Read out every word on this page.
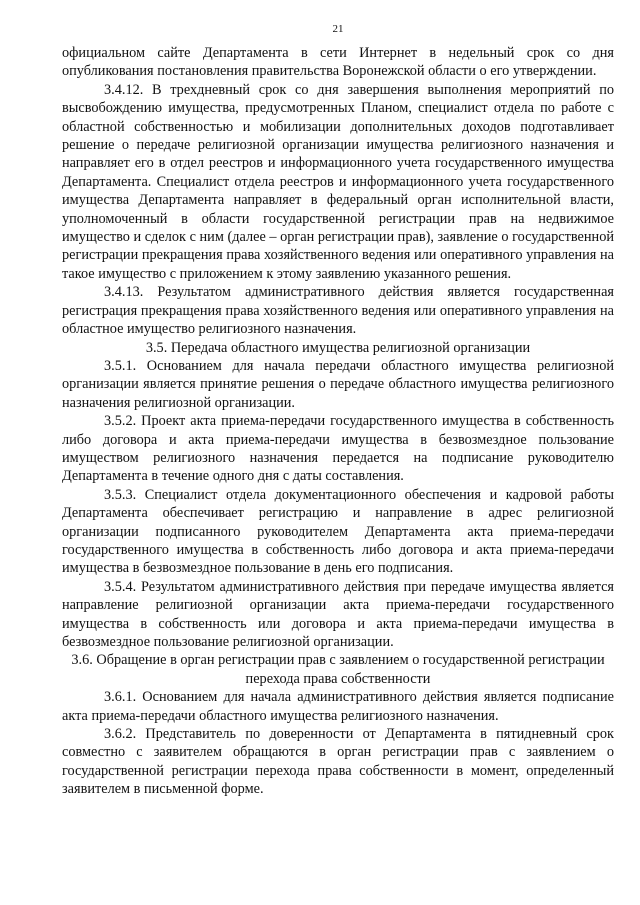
21

официальном сайте Департамента в сети Интернет в недельный срок со дня опубликования постановления правительства Воронежской области о его утверждении.

3.4.12. В трехдневный срок со дня завершения выполнения мероприятий по высвобождению имущества, предусмотренных Планом, специалист отдела по работе с областной собственностью и мобилизации дополнительных доходов подготавливает решение о передаче религиозной организации имущества религиозного назначения и направляет его в отдел реестров и информационного учета государственного имущества Департамента. Специалист отдела реестров и информационного учета государственного имущества Департамента направляет в федеральный орган исполнительной власти, уполномоченный в области государственной регистрации прав на недвижимое имущество и сделок с ним (далее – орган регистрации прав), заявление о государственной регистрации прекращения права хозяйственного ведения или оперативного управления на такое имущество с приложением к этому заявлению указанного решения.

3.4.13. Результатом административного действия является государственная регистрация прекращения права хозяйственного ведения или оперативного управления на областное имущество религиозного назначения.

3.5. Передача областного имущества религиозной организации

3.5.1. Основанием для начала передачи областного имущества религиозной организации является принятие решения о передаче областного имущества религиозного назначения религиозной организации.

3.5.2. Проект акта приема-передачи государственного имущества в собственность либо договора и акта приема-передачи имущества в безвозмездное пользование имуществом религиозного назначения передается на подписание руководителю Департамента в течение одного дня с даты составления.

3.5.3. Специалист отдела документационного обеспечения и кадровой работы Департамента обеспечивает регистрацию и направление в адрес религиозной организации подписанного руководителем Департамента акта приема-передачи государственного имущества в собственность либо договора и акта приема-передачи имущества в безвозмездное пользование в день его подписания.

3.5.4. Результатом административного действия при передаче имущества является направление религиозной организации акта приема-передачи государственного имущества в собственность или договора и акта приема-передачи имущества в безвозмездное пользование религиозной организации.

3.6. Обращение в орган регистрации прав с заявлением о государственной регистрации перехода права собственности

3.6.1. Основанием для начала административного действия является подписание акта приема-передачи областного имущества религиозного назначения.

3.6.2. Представитель по доверенности от Департамента в пятидневный срок совместно с заявителем обращаются в орган регистрации прав с заявлением о государственной регистрации перехода права собственности в момент, определенный заявителем в письменной форме.
